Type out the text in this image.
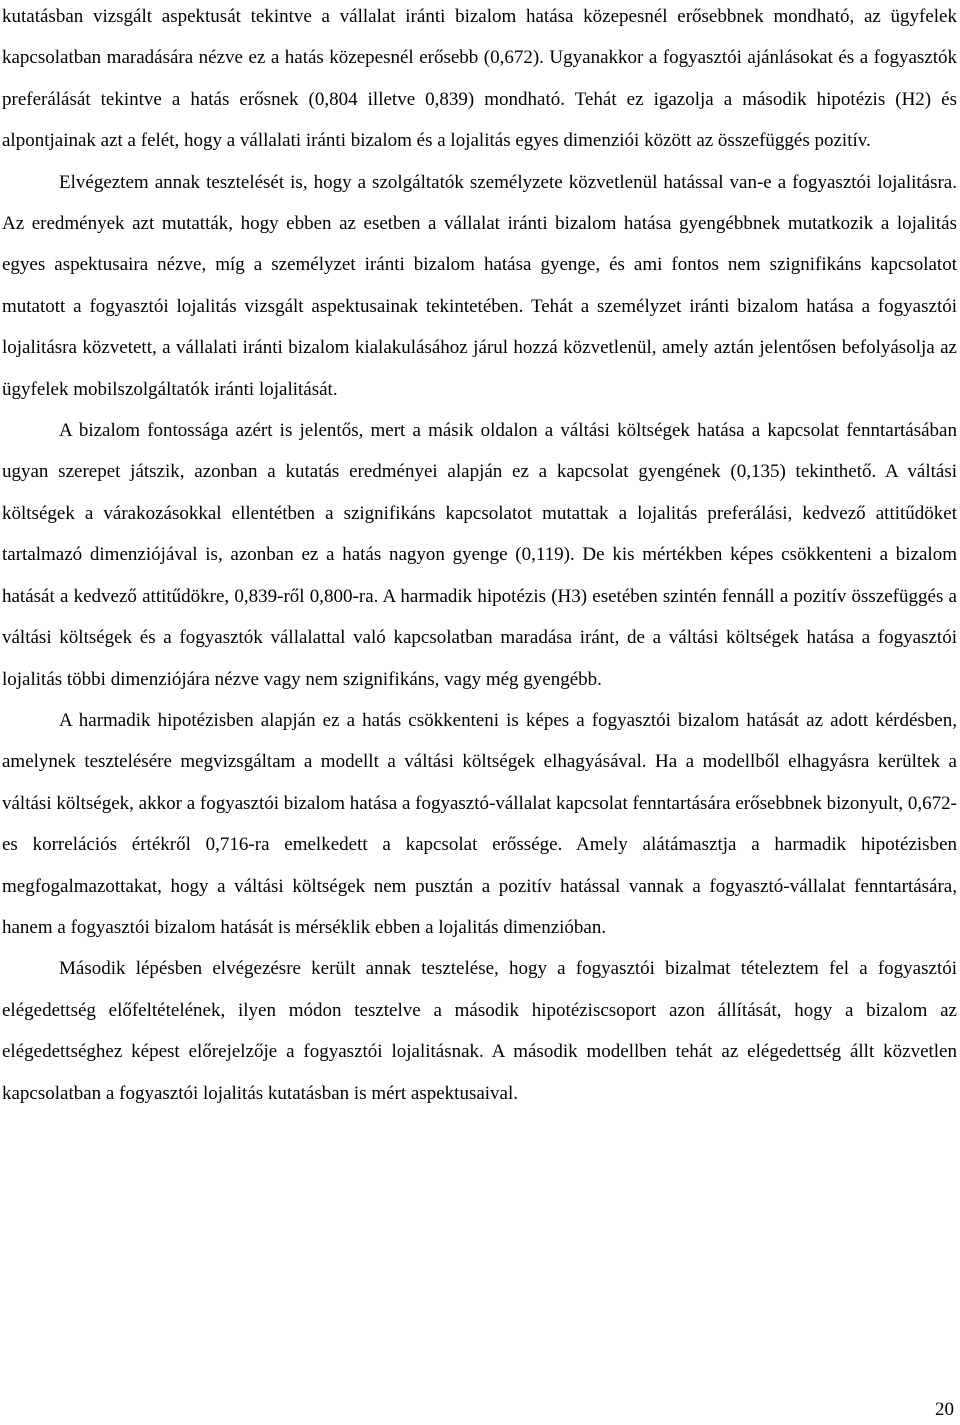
kutatásban vizsgált aspektusát tekintve a vállalat iránti bizalom hatása közepesnél erősebbnek mondható, az ügyfelek kapcsolatban maradására nézve ez a hatás közepesnél erősebb (0,672). Ugyanakkor a fogyasztói ajánlásokat és a fogyasztók preferálását tekintve a hatás erősnek (0,804 illetve 0,839) mondható. Tehát ez igazolja a második hipotézis (H2) és alpontjainak azt a felét, hogy a vállalati iránti bizalom és a lojalitás egyes dimenziói között az összefüggés pozitív.

Elvégeztem annak tesztelését is, hogy a szolgáltatók személyzete közvetlenül hatással van-e a fogyasztói lojalitásra. Az eredmények azt mutatták, hogy ebben az esetben a vállalat iránti bizalom hatása gyengébbnek mutatkozik a lojalitás egyes aspektusaira nézve, míg a személyzet iránti bizalom hatása gyenge, és ami fontos nem szignifikáns kapcsolatot mutatott a fogyasztói lojalitás vizsgált aspektusainak tekintetében. Tehát a személyzet iránti bizalom hatása a fogyasztói lojalitásra közvetett, a vállalati iránti bizalom kialakulásához járul hozzá közvetlenül, amely aztán jelentősen befolyásolja az ügyfelek mobilszolgáltatók iránti lojalitását.

A bizalom fontossága azért is jelentős, mert a másik oldalon a váltási költségek hatása a kapcsolat fenntartásában ugyan szerepet játszik, azonban a kutatás eredményei alapján ez a kapcsolat gyengének (0,135) tekinthető. A váltási költségek a várakozásokkal ellentétben a szignifikáns kapcsolatot mutattak a lojalitás preferálási, kedvező attitűdöket tartalmazó dimenziójával is, azonban ez a hatás nagyon gyenge (0,119). De kis mértékben képes csökkenteni a bizalom hatását a kedvező attitűdökre, 0,839-ről 0,800-ra. A harmadik hipotézis (H3) esetében szintén fennáll a pozitív összefüggés a váltási költségek és a fogyasztók vállalattal való kapcsolatban maradása iránt, de a váltási költségek hatása a fogyasztói lojalitás többi dimenziójára nézve vagy nem szignifikáns, vagy még gyengébb.

A harmadik hipotézisben alapján ez a hatás csökkenteni is képes a fogyasztói bizalom hatását az adott kérdésben, amelynek tesztelésére megvizsgáltam a modellt a váltási költségek elhagyásával. Ha a modellből elhagyásra kerültek a váltási költségek, akkor a fogyasztói bizalom hatása a fogyasztó-vállalat kapcsolat fenntartására erősebbnek bizonyult, 0,672-es korrelációs értékről 0,716-ra emelkedett a kapcsolat erőssége. Amely alátámasztja a harmadik hipotézisben megfogalmazottakat, hogy a váltási költségek nem pusztán a pozitív hatással vannak a fogyasztó-vállalat fenntartására, hanem a fogyasztói bizalom hatását is mérséklik ebben a lojalitás dimenzióban.

Második lépésben elvégezésre került annak tesztelése, hogy a fogyasztói bizalmat tételeztem fel a fogyasztói elégedettség előfeltételének, ilyen módon tesztelve a második hipotéziscsoport azon állítását, hogy a bizalom az elégedettséghez képest előrejelzője a fogyasztói lojalitásnak. A második modellben tehát az elégedettség állt közvetlen kapcsolatban a fogyasztói lojalitás kutatásban is mért aspektusaival.

20
